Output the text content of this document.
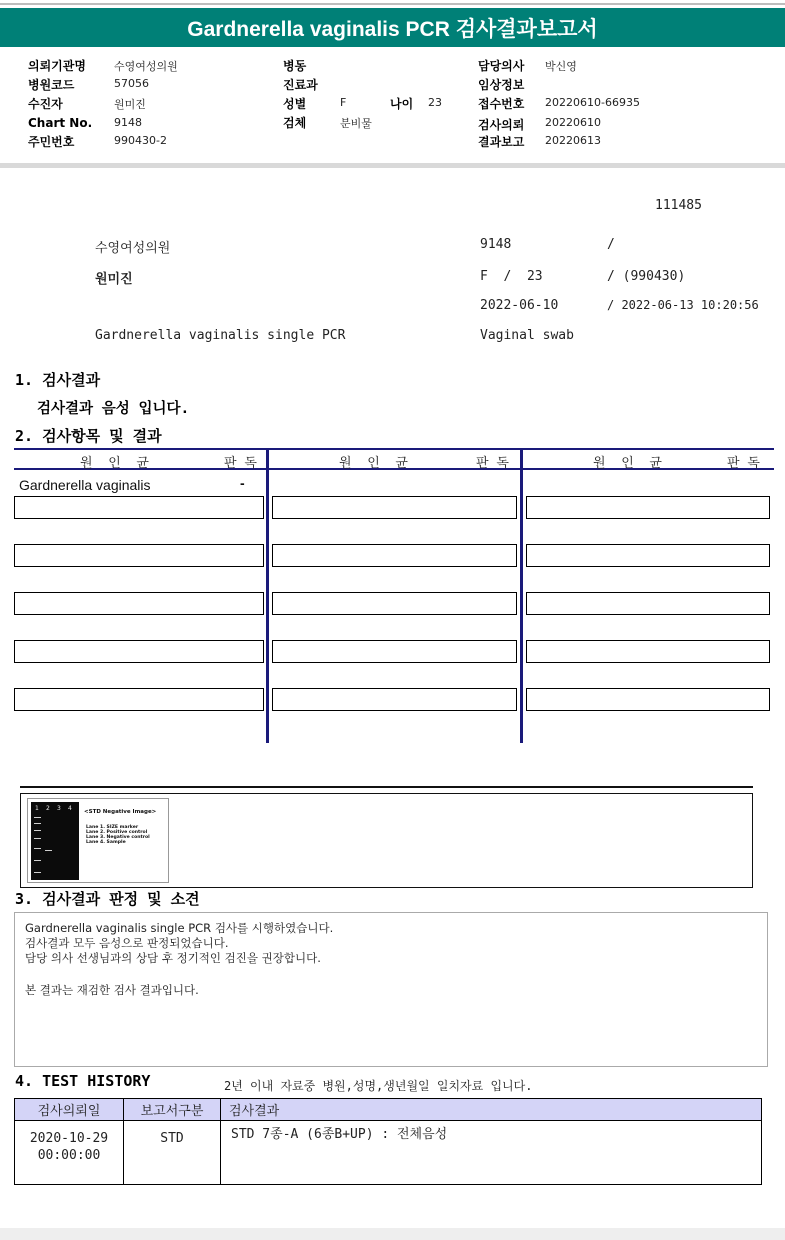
Gardnerella vaginalis PCR 검사결과보고서
의뢰기관명	수영여성의원
병원코드	57056
수진자	원미진
Chart No. 9148
주민번호	990430-2
병동
진료과
성별	F	나이 23
검체	분비물
담당의사 박신영
임상정보
접수번호 20220610-66935
검사의뢰 20220610
결과보고 20220613
111485
수영여성의원	9148	/
원미진	F  /  23	/ (990430)
2022-06-10	/ 2022-06-13 10:20:56
Gardnerella vaginalis single PCR	Vaginal swab
1. 검사결과
검사결과 음성 입니다.
2. 검사항목 및 결과
원  인  균	판 독	원  인  균	판 독	원  인  균	판 독
Gardnerella vaginalis	-
1 2 3 4 <STD Negative Image>
Lane 1. SIZE marker
Lane 2. Positive control
Lane 3. Negative control
Lane 4. Sample
3. 검사결과 판정 및 소견
Gardnerella vaginalis single PCR 검사를 시행하였습니다.
검사결과 모두 음성으로 판정되었습니다.
담당 의사 선생님과의 상담 후 정기적인 검진을 권장합니다.
본 결과는 재검한 검사 결과입니다.
4. TEST HISTORY	2년 이내 자료중 병원,성명,생년월일 일치자료 입니다.
검사의뢰일	보고서구분	검사결과

2020-10-29
00:00:00	STD	STD 7종-A (6종B+UP) : 전체음성
